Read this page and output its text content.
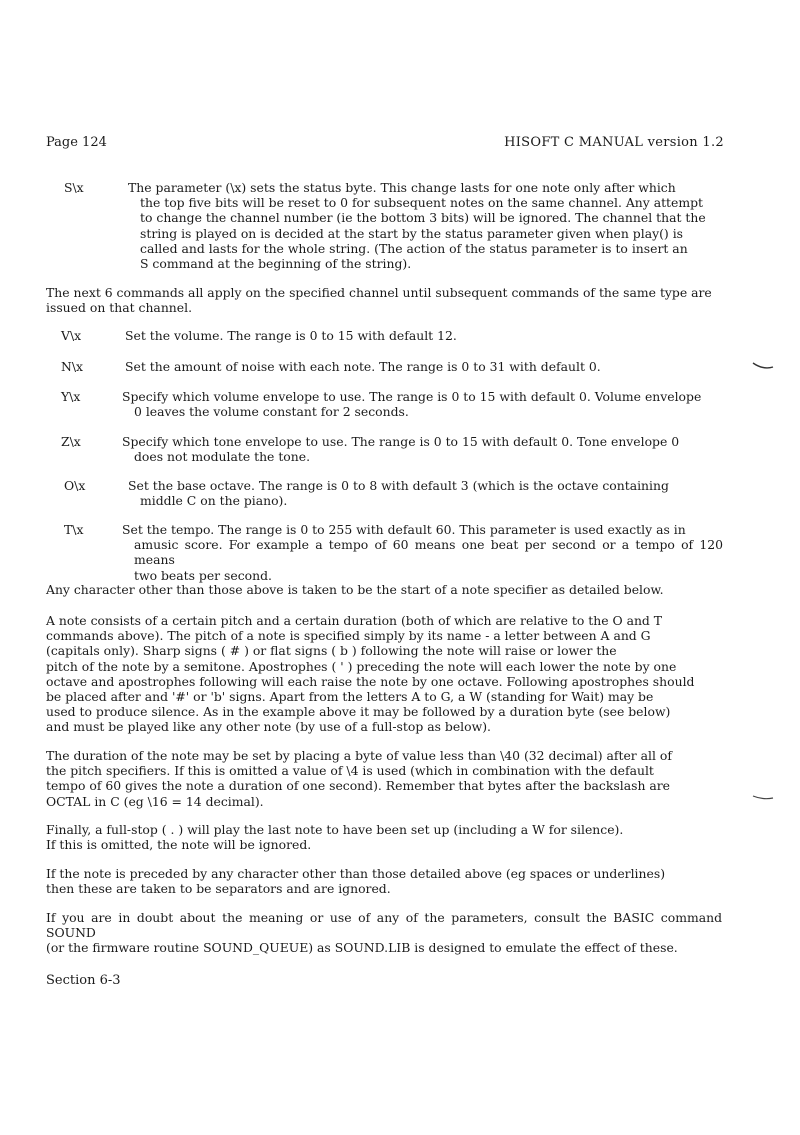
Page 124	HISOFT C MANUAL version 1.2
S\x	The parameter (\x) sets the status byte. This change lasts for one note only after which
the top five bits will be reset to 0 for subsequent notes on the same channel. Any attempt
to change the channel number (ie the bottom 3 bits) will be ignored. The channel that the
string is played on is decided at the start by the status parameter given when play() is
called and lasts for the whole string. (The action of the status parameter is to insert an
S command at the beginning of the string).
The next 6 commands all apply on the specified channel until subsequent commands of the same type are
issued on that channel.
V\x	Set the volume. The range is 0 to 15 with default 12.
N\x	Set the amount of noise with each note. The range is 0 to 31 with default 0.
Y\x	Specify which volume envelope to use. The range is 0 to 15 with default 0. Volume envelope
0 leaves the volume constant for 2 seconds.
Z\x	Specify which tone envelope to use. The range is 0 to 15 with default 0. Tone envelope 0
does not modulate the tone.
O\x	Set the base octave. The range is 0 to 8 with default 3 (which is the octave containing
middle C on the piano).
T\x	Set the tempo. The range is 0 to 255 with default 60. This parameter is used exactly as in
amusic score. For example a tempo of 60 means one beat per second or a tempo of 120 means
two beats per second.
Any character other than those above is taken to be the start of a note specifier as detailed below.
A note consists of a certain pitch and a certain duration (both of which are relative to the O and T
commands above). The pitch of a note is specified simply by its name - a letter between A and G
(capitals only). Sharp signs ( # ) or flat signs ( b ) following the note will raise or lower the
pitch of the note by a semitone. Apostrophes ( ' ) preceding the note will each lower the note by one
octave and apostrophes following will each raise the note by one octave. Following apostrophes should
be placed after and '#' or 'b' signs. Apart from the letters A to G, a W (standing for Wait) may be
used to produce silence. As in the example above it may be followed by a duration byte (see below)
and must be played like any other note (by use of a full-stop as below).
The duration of the note may be set by placing a byte of value less than \40 (32 decimal) after all of
the pitch specifiers. If this is omitted a value of \4 is used (which in combination with the default
tempo of 60 gives the note a duration of one second). Remember that bytes after the backslash are
OCTAL in C (eg \16 = 14 decimal).
Finally, a full-stop ( . ) will play the last note to have been set up (including a W for silence).
If this is omitted, the note will be ignored.
If the note is preceded by any character other than those detailed above (eg spaces or underlines)
then these are taken to be separators and are ignored.
If you are in doubt about the meaning or use of any of the parameters, consult the BASIC command SOUND
(or the firmware routine SOUND_QUEUE) as SOUND.LIB is designed to emulate the effect of these.
Section 6-3
